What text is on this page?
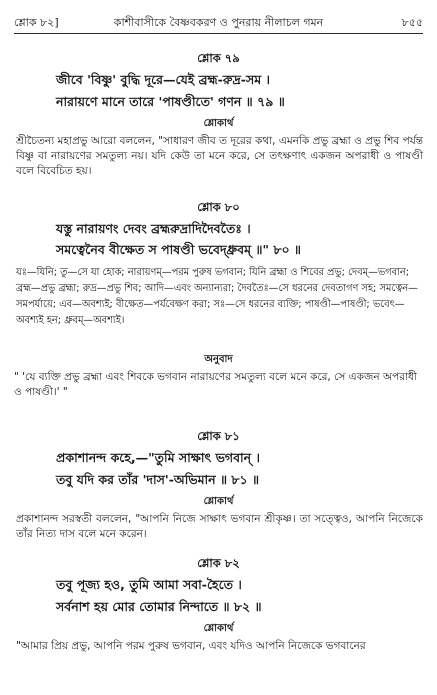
শ্লোক ৮২]	কাশীবাসীকে বৈষ্ণবকরণ ও পুনরায় নীলাচল গমন	৮৫৫
শ্লোক ৭৯
জীবে 'বিষ্ণু' বুদ্ধি দূরে—যেই ব্রহ্ম-রুদ্র-সম ।
নারায়ণে মানে তারে 'পাষণ্ডীতে' গণন ॥ ৭৯ ॥
শ্লোকার্থ
শ্রীচৈতন্য মহাপ্রভু আরো বললেন, "সাধারণ জীব ত দূরের কথা, এমনকি প্রভু ব্রহ্মা ও প্রভু শিব পর্যন্ত বিষ্ণু বা নারায়ণের সমতুল্য নয়। যদি কেউ তা মনে করে, সে তৎক্ষণাৎ একজন অপরাধী ও পাষণ্ডী বলে বিবেচিত হয়।
শ্লোক ৮০
যস্তু নারায়ণং দেবং ব্রহ্মরুদ্রাদিদৈবতৈঃ ।
সমত্বেনৈব বীক্ষেত স পাষণ্ডী ভবেদ্ধ্রুবম্ ॥" ৮০ ॥
যঃ—যিনি; তু—সে যা হোক; নারায়ণম্—পরম পুরুষ ভগবান; যিনি ব্রহ্মা ও শিবের প্রভু; দেবম্—ভগবান; ব্রহ্ম—প্রভু ব্রহ্মা; রুদ্র—প্রভু শিব; আদি—এবং অন্যান্যরা; দৈবতৈঃ—সে ধরনের দেবতাগণ সহ; সমত্বেন—সমপর্যায়ে; এব—অবশ্যই; বীক্ষেত—পর্যবেক্ষণ করা; সঃ—সে ধরনের ব্যক্তি; পাষণ্ডী—পাষণ্ডী; ভবেৎ—অবশ্যই হন; ধ্রুবম্—অবশ্যই।
অনুবাদ
" 'যে ব্যক্তি প্রভু ব্রহ্মা এবং শিবকে ভগবান নারায়ণের সমতুল্য বলে মনে করে, সে একজন অপরাধী ও পাষণ্ডী।' "
শ্লোক ৮১
প্রকাশানন্দ কহে,—"তুমি সাক্ষাৎ ভগবান্ ।
তবু যদি কর তাঁর 'দাস'-অভিমান ॥ ৮১ ॥
শ্লোকার্থ
প্রকাশানন্দ সরস্বতী বললেন, "আপনি নিজে সাক্ষাৎ ভগবান শ্রীকৃষ্ণ। তা সত্ত্বেও, আপনি নিজেকে তাঁর নিত্য দাস বলে মনে করেন।
শ্লোক ৮২
তবু পূজ্য হও, তুমি আমা সবা-হৈতে ।
সর্বনাশ হয় মোর তোমার নিন্দাতে ॥ ৮২ ॥
শ্লোকার্থ
"আমার প্রিয় প্রভু, আপনি পরম পুরুষ ভগবান, এবং যদিও আপনি নিজেকে ভগবানের
